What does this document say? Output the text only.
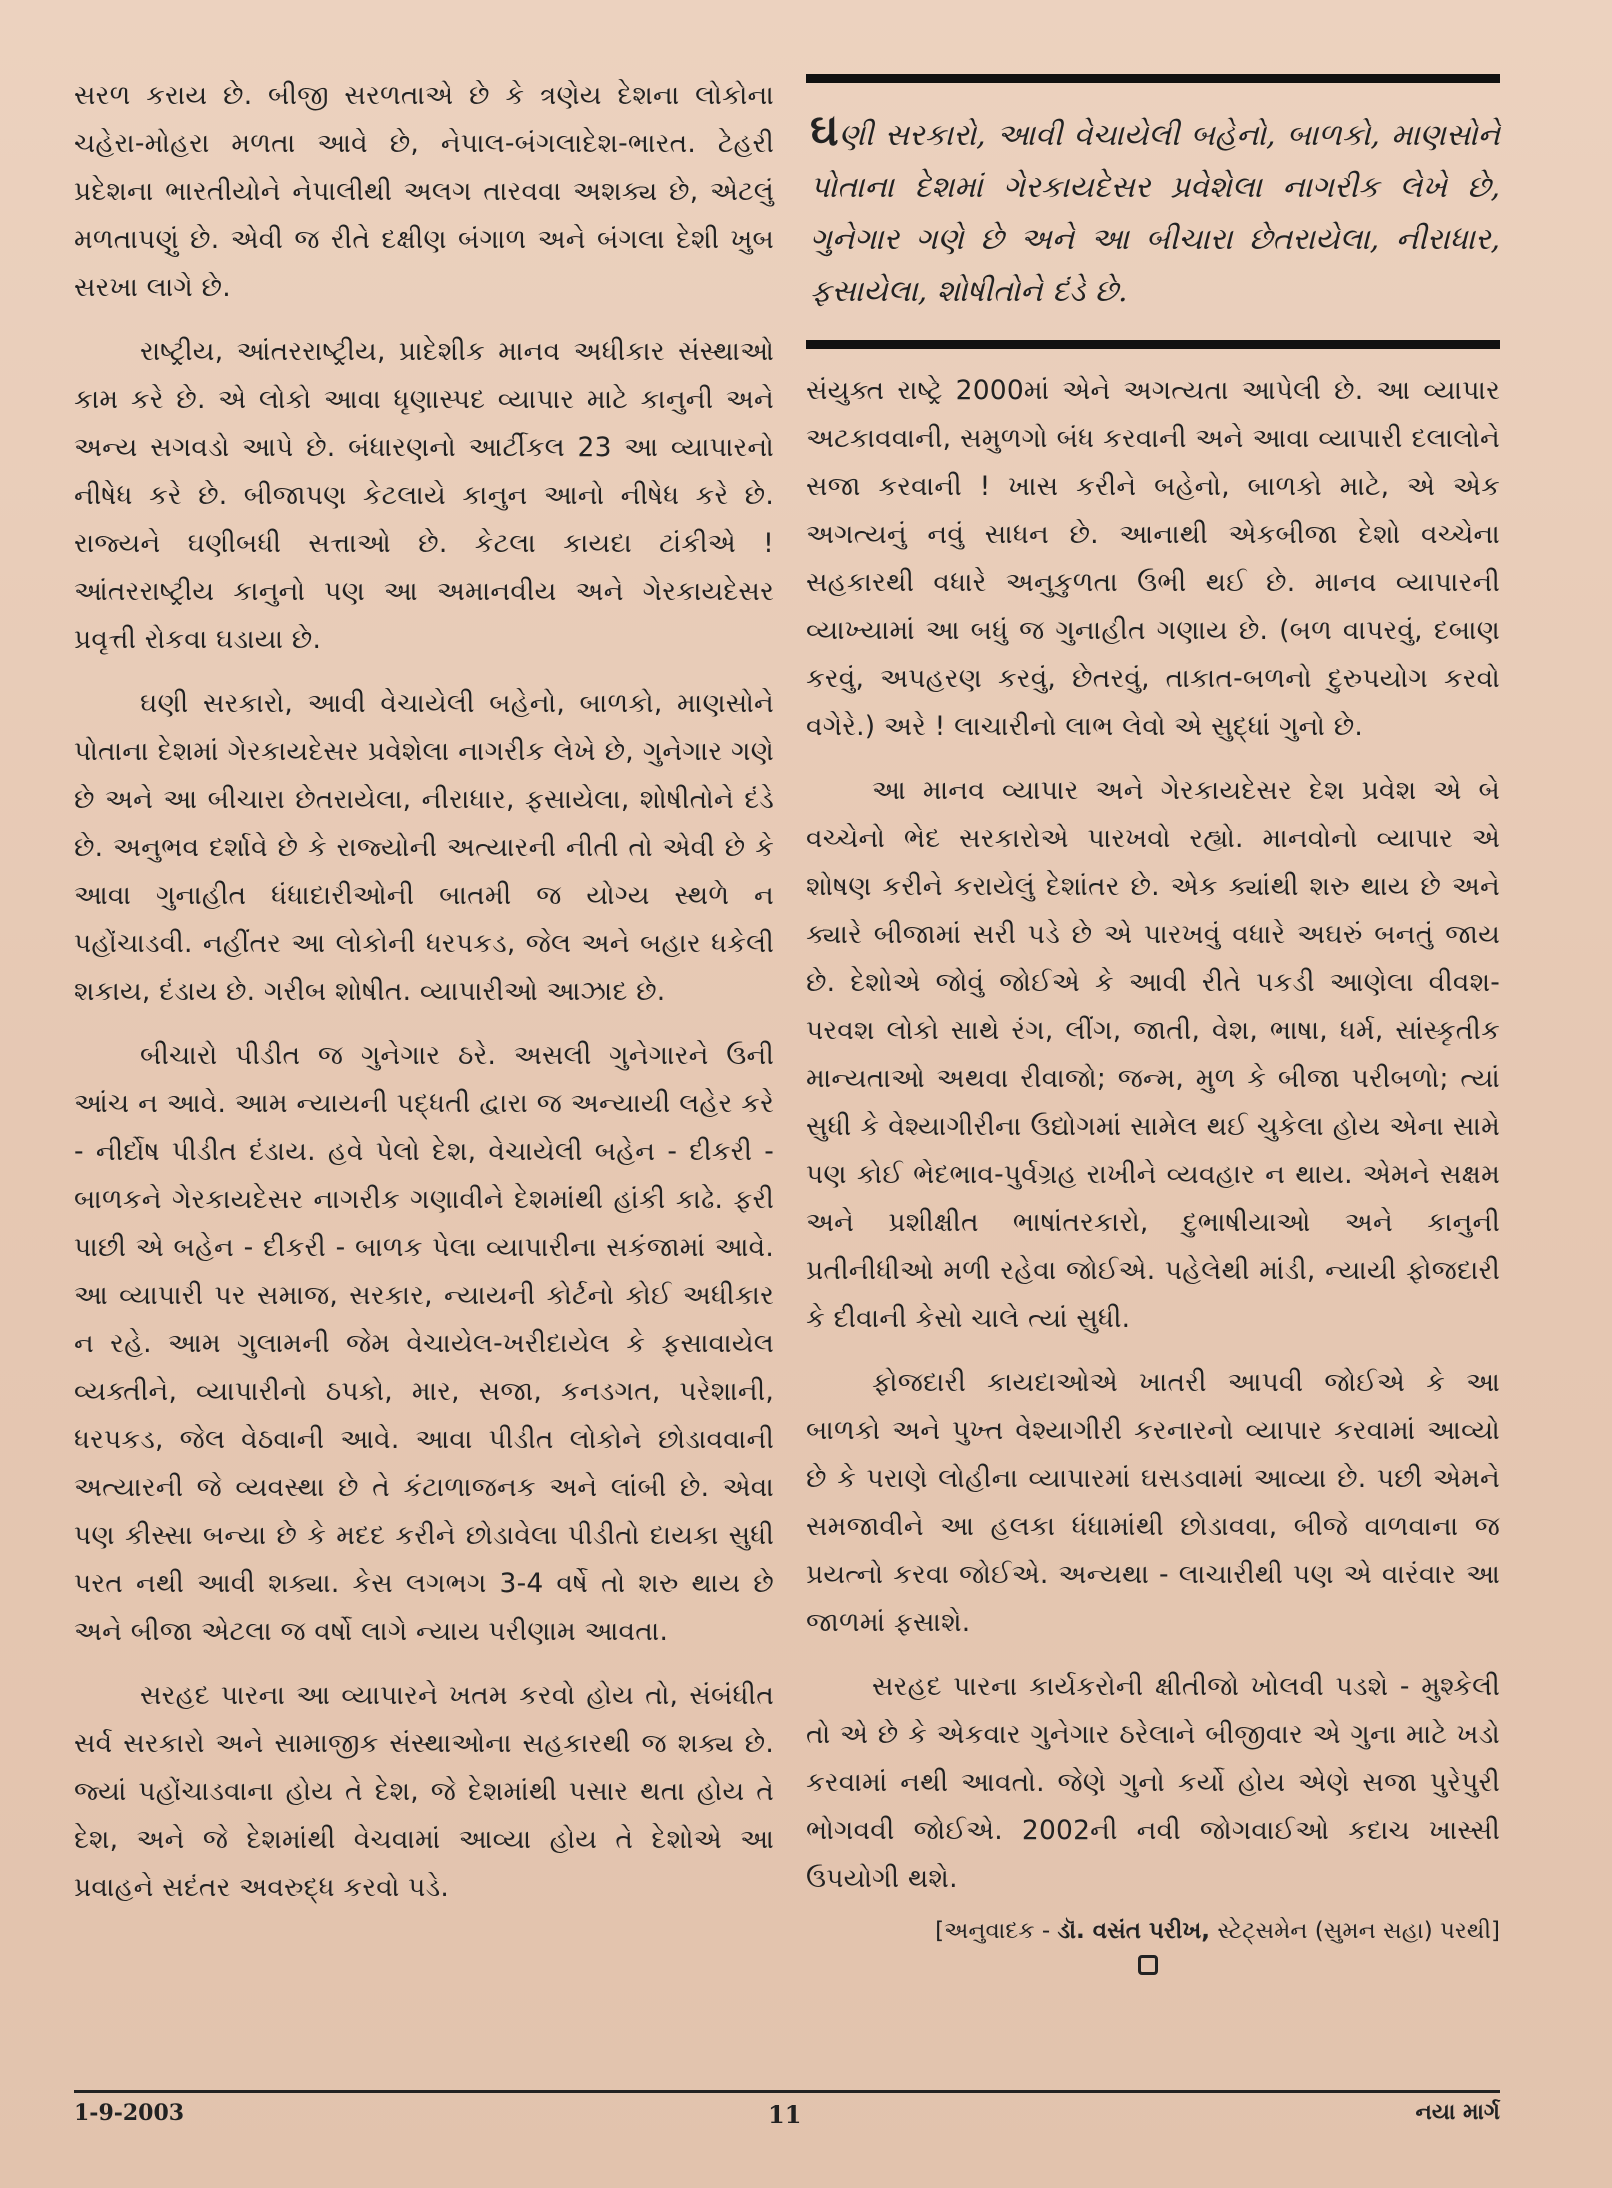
સરળ કરાય છે. બીજી સરળતાએ છે કે ત્રણેય દેશના લોકોના ચહેરા-મોહરા મળતા આવે છે, નેપાલ-બંગલાદેશ-ભારત. ટેહરી પ્રદેશના ભારતીયોને નેપાલીથી અલગ તારવવા અશક્ય છે, એટલું મળતાપણું છે. એવી જ રીતે દક્ષીણ બંગાળ અને બંગલા દેશી ખુબ સરખા લાગે છે.

રાષ્ટ્રીય, આંતરરાષ્ટ્રીય, પ્રાદેશીક માનવ અધીકાર સંસ્થાઓ કામ કરે છે. એ લોકો આવા ધૃણાસ્પદ વ્યાપાર માટે કાનુની અને અન્ય સગવડો આપે છે. બંધારણનો આર્ટીકલ 23 આ વ્યાપારનો નીષેધ કરે છે. બીજાપણ કેટલાયે કાનુન આનો નીષેધ કરે છે. રાજ્યને ઘણીબધી સત્તાઓ છે. કેટલા કાયદા ટાંકીએ ! આંતરરાષ્ટ્રીય કાનુનો પણ આ અમાનવીય અને ગેરકાયદેસર પ્રવૃત્તી રોકવા ઘડાયા છે.

ઘણી સરકારો, આવી વેચાયેલી બહેનો, બાળકો, માણસોને પોતાના દેશમાં ગેરકાયદેસર પ્રવેશેલા નાગરીક લેખે છે, ગુનેગાર ગણે છે અને આ બીચારા છેતરાયેલા, નીરાધાર, ફસાયેલા, શોષીતોને દંડે છે. અનુભવ દર્શાવે છે કે રાજ્યોની અત્યારની નીતી તો એવી છે કે આવા ગુનાહીત ધંધાદારીઓની બાતમી જ યોગ્ય સ્થળે ન પહોંચાડવી. નહીંતર આ લોકોની ધરપકડ, જેલ અને બહાર ધકેલી શકાય, દંડાય છે. ગરીબ શોષીત. વ્યાપારીઓ આઝાદ છે.

બીચારો પીડીત જ ગુનેગાર ઠરે. અસલી ગુનેગારને ઉની આંચ ન આવે. આમ ન્યાયની પદ્ધતી દ્વારા જ અન્યાયી લહેર કરે - નીર્દોષ પીડીત દંડાય. હવે પેલો દેશ, વેચાયેલી બહેન - દીકરી - બાળકને ગેરકાયદેસર નાગરીક ગણાવીને દેશમાંથી હાંકી કાઢે. ફરી પાછી એ બહેન - દીકરી - બાળક પેલા વ્યાપારીના સકંજામાં આવે. આ વ્યાપારી પર સમાજ, સરકાર, ન્યાયની કોર્ટનો કોઈ અધીકાર ન રહે. આમ ગુલામની જેમ વેચાયેલ-ખરીદાયેલ કે ફસાવાયેલ વ્યક્તીને, વ્યાપારીનો ઠપકો, માર, સજા, કનડગત, પરેશાની, ધરપકડ, જેલ વેઠવાની આવે. આવા પીડીત લોકોને છોડાવવાની અત્યારની જે વ્યવસ્થા છે તે કંટાળાજનક અને લાંબી છે. એવા પણ કીસ્સા બન્યા છે કે મદદ કરીને છોડાવેલા પીડીતો દાયકા સુધી પરત નથી આવી શક્યા. કેસ લગભગ 3-4 વર્ષે તો શરુ થાય છે અને બીજા એટલા જ વર્ષો લાગે ન્યાય પરીણામ આવતા.

સરહદ પારના આ વ્યાપારને ખતમ કરવો હોય તો, સંબંધીત સર્વ સરકારો અને સામાજીક સંસ્થાઓના સહકારથી જ શક્ય છે. જ્યાં પહોંચાડવાના હોય તે દેશ, જે દેશમાંથી પસાર થતા હોય તે દેશ, અને જે દેશમાંથી વેચવામાં આવ્યા હોય તે દેશોએ આ પ્રવાહને સદંતર અવરુદ્ધ કરવો પડે.

ઘણી સરકારો, આવી વેચાયેલી બહેનો, બાળકો, માણસોને પોતાના દેશમાં ગેરકાયદેસર પ્રવેશેલા નાગરીક લેખે છે, ગુનેગાર ગણે છે અને આ બીચારા છેતરાયેલા, નીરાધાર, ફસાયેલા, શોષીતોને દંડે છે.

સંયુક્ત રાષ્ટ્રે 2000માં એને અગત્યતા આપેલી છે. આ વ્યાપાર અટકાવવાની, સમુળગો બંધ કરવાની અને આવા વ્યાપારી દલાલોને સજા કરવાની ! ખાસ કરીને બહેનો, બાળકો માટે, એ એક અગત્યનું નવું સાધન છે. આનાથી એકબીજા દેશો વચ્ચેના સહકારથી વધારે અનુકુળતા ઉભી થઈ છે. માનવ વ્યાપારની વ્યાખ્યામાં આ બધું જ ગુનાહીત ગણાય છે. (બળ વાપરવું, દબાણ કરવું, અપહરણ કરવું, છેતરવું, તાકાત-બળનો દુરુપયોગ કરવો વગેરે.) અરે ! લાચારીનો લાભ લેવો એ સુદ્ધાં ગુનો છે.

આ માનવ વ્યાપાર અને ગેરકાયદેસર દેશ પ્રવેશ એ બે વચ્ચેનો ભેદ સરકારોએ પારખવો રહ્યો. માનવોનો વ્યાપાર એ શોષણ કરીને કરાયેલું દેશાંતર છે. એક ક્યાંથી શરુ થાય છે અને ક્યારે બીજામાં સરી પડે છે એ પારખવું વધારે અઘરું બનતું જાય છે. દેશોએ જોવું જોઈએ કે આવી રીતે પકડી આણેલા વીવશ-પરવશ લોકો સાથે રંગ, લીંગ, જાતી, વેશ, ભાષા, ધર્મ, સાંસ્કૃતીક માન્યતાઓ અથવા રીવાજો; જન્મ, મુળ કે બીજા પરીબળો; ત્યાં સુધી કે વેશ્યાગીરીના ઉદ્યોગમાં સામેલ થઈ ચુકેલા હોય એના સામે પણ કોઈ ભેદભાવ-પુર્વગ્રહ રાખીને વ્યવહાર ન થાય. એમને સક્ષમ અને પ્રશીક્ષીત ભાષાંતરકારો, દુભાષીયાઓ અને કાનુની પ્રતીનીધીઓ મળી રહેવા જોઈએ. પહેલેથી માંડી, ન્યાયી ફોજદારી કે દીવાની કેસો ચાલે ત્યાં સુધી.

ફોજદારી કાયદાઓએ ખાતરી આપવી જોઈએ કે આ બાળકો અને પુખ્ત વેશ્યાગીરી કરનારનો વ્યાપાર કરવામાં આવ્યો છે કે પરાણે લોહીના વ્યાપારમાં ઘસડવામાં આવ્યા છે. પછી એમને સમજાવીને આ હલકા ધંધામાંથી છોડાવવા, બીજે વાળવાના જ પ્રયત્નો કરવા જોઈએ. અન્યથા - લાચારીથી પણ એ વારંવાર આ જાળમાં ફસાશે.

સરહદ પારના કાર્યકરોની ક્ષીતીજો ખોલવી પડશે - મુશ્કેલી તો એ છે કે એકવાર ગુનેગાર ઠરેલાને બીજીવાર એ ગુના માટે ખડો કરવામાં નથી આવતો. જેણે ગુનો કર્યો હોય એણે સજા પુરેપુરી ભોગવવી જોઈએ. 2002ની નવી જોગવાઈઓ કદાચ ખાસ્સી ઉપયોગી થશે.

[અનુવાદક - ડૉ. વસંત પરીખ, સ્ટેટ્સમેન (સુમન સહા) પરથી]
1-9-2003	11	નયા માર્ગ
